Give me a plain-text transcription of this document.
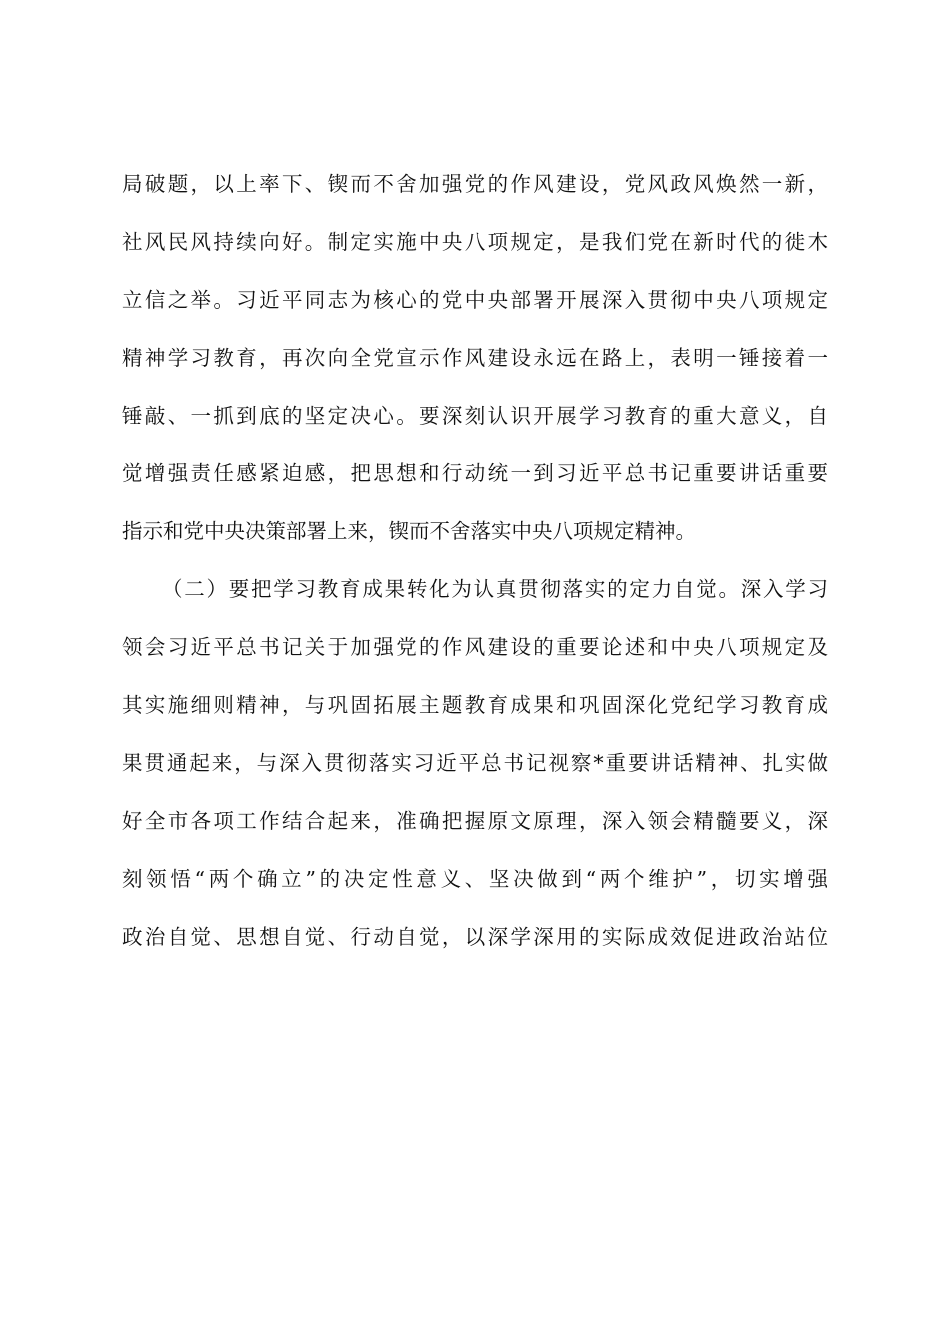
局破题，以上率下、锲而不舍加强党的作风建设，党风政风焕然一新，
社风民风持续向好。制定实施中央八项规定，是我们党在新时代的徙木
立信之举。习近平同志为核心的党中央部署开展深入贯彻中央八项规定
精神学习教育，再次向全党宣示作风建设永远在路上，表明一锤接着一
锤敲、一抓到底的坚定决心。要深刻认识开展学习教育的重大意义，自
觉增强责任感紧迫感，把思想和行动统一到习近平总书记重要讲话重要
指示和党中央决策部署上来，锲而不舍落实中央八项规定精神。
（二）要把学习教育成果转化为认真贯彻落实的定力自觉。深入学习
领会习近平总书记关于加强党的作风建设的重要论述和中央八项规定及
其实施细则精神，与巩固拓展主题教育成果和巩固深化党纪学习教育成
果贯通起来，与深入贯彻落实习近平总书记视察*重要讲话精神、扎实做
好全市各项工作结合起来，准确把握原文原理，深入领会精髓要义，深
刻领悟“两个确立”的决定性意义、坚决做到“两个维护”，切实增强
政治自觉、思想自觉、行动自觉，以深学深用的实际成效促进政治站位
